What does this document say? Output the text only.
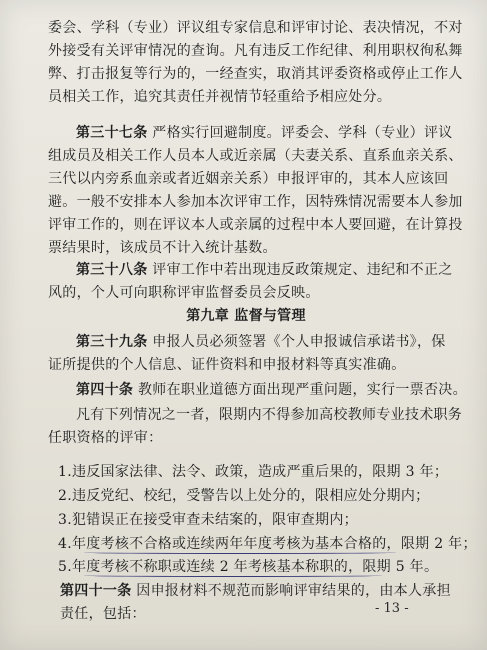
委会、学科（专业）评议组专家信息和评审讨论、表决情况，不对
外接受有关评审情况的查询。凡有违反工作纪律、利用职权徇私舞
弊、打击报复等行为的，一经查实，取消其评委资格或停止工作人
员相关工作，追究其责任并视情节轻重给予相应处分。
第三十七条 严格实行回避制度。评委会、学科（专业）评议
组成员及相关工作人员本人或近亲属（夫妻关系、直系血亲关系、
三代以内旁系血亲或者近姻亲关系）申报评审的，其本人应该回
避。一般不安排本人参加本次评审工作，因特殊情况需要本人参加
评审工作的，则在评议本人或亲属的过程中本人要回避，在计算投
票结果时，该成员不计入统计基数。
第三十八条 评审工作中若出现违反政策规定、违纪和不正之
风的，个人可向职称评审监督委员会反映。
第九章 监督与管理
第三十九条 申报人员必须签署《个人申报诚信承诺书》，保
证所提供的个人信息、证件资料和申报材料等真实准确。
第四十条 教师在职业道德方面出现严重问题，实行一票否决。
凡有下列情况之一者，限期内不得参加高校教师专业技术职务
任职资格的评审：
1.违反国家法律、法令、政策，造成严重后果的，限期 3 年；
2.违反党纪、校纪，受警告以上处分的，限相应处分期内；
3.犯错误正在接受审查未结案的，限审查期内；
4.年度考核不合格或连续两年年度考核为基本合格的，限期 2 年；
5.年度考核不称职或连续 2 年考核基本称职的，限期 5 年。
第四十一条 因申报材料不规范而影响评审结果的，由本人承担
责任，包括：	- 13 -
